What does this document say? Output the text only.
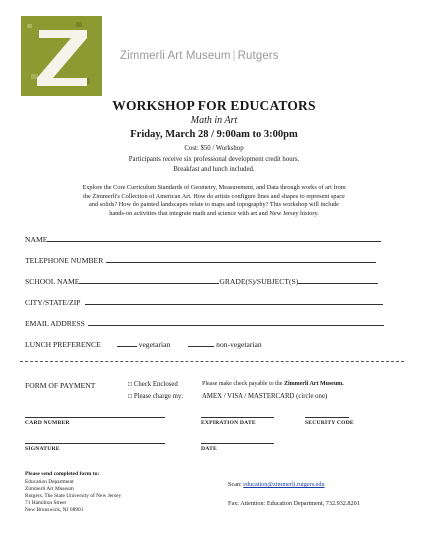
Zimmerli Art Museum | Rutgers
WORKSHOP FOR EDUCATORS
Math in Art
Friday, March 28 / 9:00am to 3:00pm
Cost: $50 / Workshop
Participants receive six professional development credit hours.
Breakfast and lunch included.
Explore the Core Curriculum Standards of Geometry, Measurement, and Data through works of art from
the Zimmerli's Collection of American Art. How do artists configure lines and shapes to represent space
and solids? How do painted landscapes relate to maps and topography? This workshop will include
hands-on activities that integrate math and science with art and New Jersey history.
NAME
TELEPHONE NUMBER
SCHOOL NAME	GRADE(S)/SUBJECT(S)
CITY/STATE/ZIP
EMAIL ADDRESS
LUNCH PREFERENCE	vegetarian	non-vegetarian
FORM OF PAYMENT	□ Check Enclosed
□ Please charge my:
Please make check payable to the Zimmerli Art Museum.
AMEX / VISA / MASTERCARD (circle one)
CARD NUMBER	EXPIRATION DATE	SECURITY CODE
SIGNATURE	DATE
Please send completed form to:
Education Department
Zimmerli Art Museum
Rutgers, The State University of New Jersey
71 Hamilton Street
New Brunswick, NJ 08901
Scan: education@zimmerli.rutgers.edu
Fax: Attention: Education Department, 732.932.8201
